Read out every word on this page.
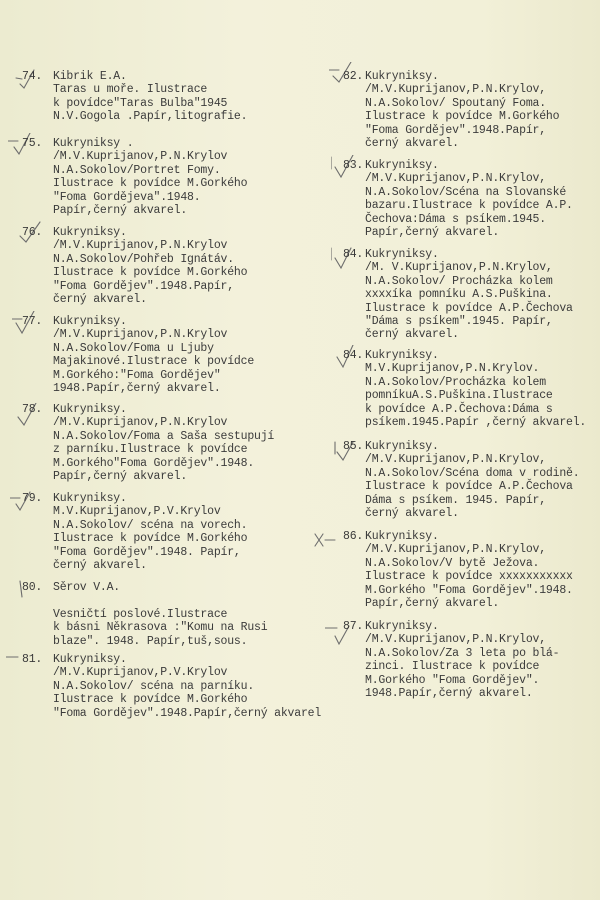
74. Kibrik E.A.
Taras u moře. Ilustrace
k povídce"Taras Bulba"1945
N.V.Gogola .Papír,litografie.
75. Kukryniksy .
/M.V.Kuprijanov,P.N.Krylov
N.A.Sokolov/Portret Fomy.
Ilustrace k povídce M.Gorkého
"Foma Gordějeva".1948.
Papír,černý akvarel.
76. Kukryniksy.
/M.V.Kuprijanov,P.N.Krylov
N.A.Sokolov/Pohřeb Ignátáv.
Ilustrace k povídce M.Gorkého
"Foma Gordějev".1948.Papír,
černý akvarel.
77. Kukryniksy.
/M.V.Kuprijanov,P.N.Krylov
N.A.Sokolov/Foma u Ljuby
Majakinové.Ilustrace k povídce
M.Gorkého:"Foma Gordějev"
1948.Papír,černý akvarel.
78. Kukryniksy.
/M.V.Kuprijanov,P.N.Krylov
N.A.Sokolov/Foma a Saša sestupují
z parníku.Ilustrace k povídce
M.Gorkého"Foma Gordějev".1948.
Papír,černý akvarel.
79. Kukryniksy.
M.V.Kuprijanov,P.V.Krylov
N.A.Sokolov/ scéna na vorech.
Ilustrace k povídce M.Gorkého
"Foma Gordějev".1948. Papír,
černý akvarel.
80. Sěrov V.A.

Vesničtí poslové.Ilustrace
k básni Někrasova :"Komu na Rusi
blaze". 1948. Papír,tuš,sous.
81. Kukryniksy.
/M.V.Kuprijanov,P.V.Krylov
N.A.Sokolov/ scéna na parníku.
Ilustrace k povídce M.Gorkého
"Foma Gordějev".1948.Papír,černý akvarel
82. Kukryniksy.
/M.V.Kuprijanov,P.N.Krylov,
N.A.Sokolov/ Spoutaný Foma.
Ilustrace k povídce M.Gorkého
"Foma Gordějev".1948.Papír,
černý akvarel.
83. Kukryniksy.
/M.V.Kuprijanov,P.N.Krylov,
N.A.Sokolov/Scéna na Slovanské
bazaru.Ilustrace k povídce A.P.
Čechova:Dáma s psíkem.1945.
Papír,černý akvarel.
84. Kukryniksy.
/M. V.Kuprijanov,P.N.Krylov,
N.A.Sokolov/ Procházka kolem
xxxxíka pomníku A.S.Puškina.
Ilustrace k povídce A.P.Čechova
"Dáma s psíkem".1945. Papír,
černý akvarel.
84. Kukryniksy.
M.V.Kuprijanov,P.N.Krylov.
N.A.Sokolov/Procházka kolem
pomníkuA.S.Puškina.Ilustrace
k povídce A.P.Čechova:Dáma s
psíkem.1945.Papír ,černý akvarel.
85. Kukryniksy.
/M.V.Kuprijanov,P.N.Krylov,
N.A.Sokolov/Scéna doma v rodině.
Ilustrace k povídce A.P.Čechova
Dáma s psíkem. 1945. Papír,
černý akvarel.
86. Kukryniksy.
/M.V.Kuprijanov,P.N.Krylov,
N.A.Sokolov/V bytě Ježova.
Ilustrace k povídce xxxxxxxxxxx
M.Gorkého "Foma Gordějev".1948.
Papír,černý akvarel.
87. Kukryniksy.
/M.V.Kuprijanov,P.N.Krylov,
N.A.Sokolov/Za 3 leta po blá-
zinci. Ilustrace k povídce
M.Gorkého "Foma Gordějev".
1948.Papír,černý akvarel.
